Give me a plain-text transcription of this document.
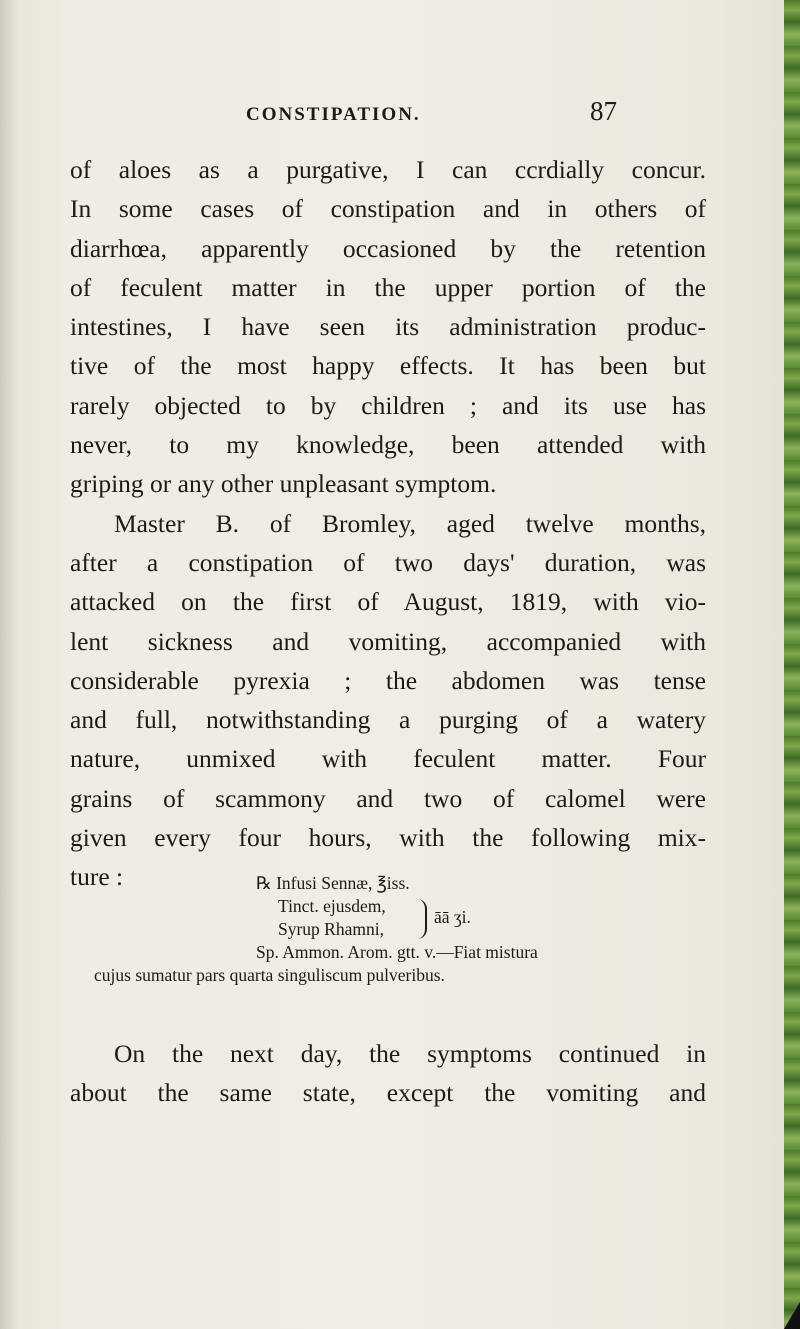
CONSTIPATION.	87
of aloes as a purgative, I can ccrdially concur.
In some cases of constipation and in others of
diarrhœa, apparently occasioned by the retention
of feculent matter in the upper portion of the
intestines, I have seen its administration produc-
tive of the most happy effects. It has been but
rarely objected to by children ; and its use has
never, to my knowledge, been attended with
griping or any other unpleasant symptom.
Master B. of Bromley, aged twelve months,
after a constipation of two days' duration, was
attacked on the first of August, 1819, with vio-
lent sickness and vomiting, accompanied with
considerable pyrexia ; the abdomen was tense
and full, notwithstanding a purging of a watery
nature, unmixed with feculent matter. Four
grains of scammony and two of calomel were
given every four hours, with the following mix-
ture :	℞ Infusi Sennæ, ℥iss.
Tinct. ejusdem,
Syrup Rhamni,
āā ʒi.
Sp. Ammon. Arom. gtt. v.—Fiat mistura
cujus sumatur pars quarta singuliscum pulveribus.
On the next day, the symptoms continued in
about the same state, except the vomiting and
